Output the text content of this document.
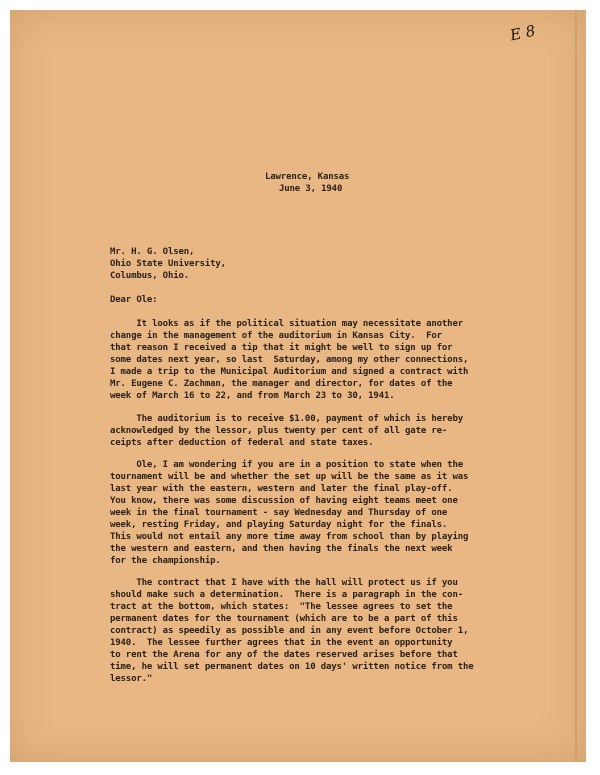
E 8
Lawrence, Kansas
June 3, 1940
Mr. H. G. Olsen,
Ohio State University,
Columbus, Ohio.
Dear Ole:
It looks as if the political situation may necessitate another
change in the management of the auditorium in Kansas City.  For
that reason I received a tip that it might be well to sign up for
some dates next year, so last  Saturday, among my other connections,
I made a trip to the Municipal Auditorium and signed a contract with
Mr. Eugene C. Zachman, the manager and director, for dates of the
week of March 16 to 22, and from March 23 to 30, 1941.
The auditorium is to receive $1.00, payment of which is hereby
acknowledged by the lessor, plus twenty per cent of all gate re-
ceipts after deduction of federal and state taxes.
Ole, I am wondering if you are in a position to state when the
tournament will be and whether the set up will be the same as it was
last year with the eastern, western and later the final play-off.
You know, there was some discussion of having eight teams meet one
week in the final tournament - say Wednesday and Thursday of one
week, resting Friday, and playing Saturday night for the finals.
This would not entail any more time away from school than by playing
the western and eastern, and then having the finals the next week
for the championship.
The contract that I have with the hall will protect us if you
should make such a determination.  There is a paragraph in the con-
tract at the bottom, which states:  "The lessee agrees to set the
permanent dates for the tournament (which are to be a part of this
contract) as speedily as possible and in any event before October 1,
1940.  The lessee further agrees that in the event an opportunity
to rent the Arena for any of the dates reserved arises before that
time, he will set permanent dates on 10 days' written notice from the
lessor."
